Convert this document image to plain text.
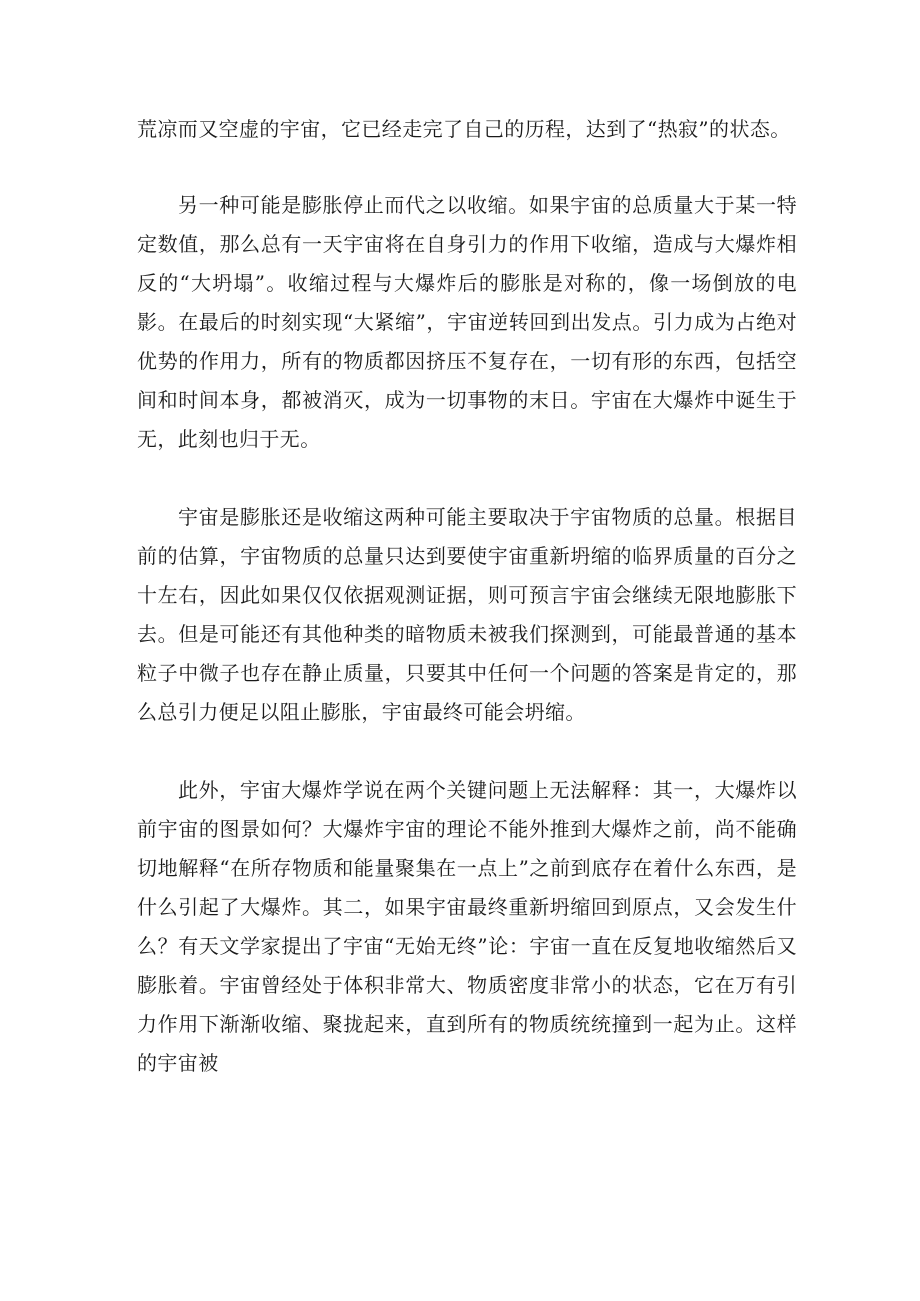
荒凉而又空虚的宇宙，它已经走完了自己的历程，达到了“热寂”的状态。

另一种可能是膨胀停止而代之以收缩。如果宇宙的总质量大于某一特定数值，那么总有一天宇宙将在自身引力的作用下收缩，造成与大爆炸相反的“大坍塌”。收缩过程与大爆炸后的膨胀是对称的，像一场倒放的电影。在最后的时刻实现“大紧缩”，宇宙逆转回到出发点。引力成为占绝对优势的作用力，所有的物质都因挤压不复存在，一切有形的东西，包括空间和时间本身，都被消灭，成为一切事物的末日。宇宙在大爆炸中诞生于无，此刻也归于无。

宇宙是膨胀还是收缩这两种可能主要取决于宇宙物质的总量。根据目前的估算，宇宙物质的总量只达到要使宇宙重新坍缩的临界质量的百分之十左右，因此如果仅仅依据观测证据，则可预言宇宙会继续无限地膨胀下去。但是可能还有其他种类的暗物质未被我们探测到，可能最普通的基本粒子中微子也存在静止质量，只要其中任何一个问题的答案是肯定的，那么总引力便足以阻止膨胀，宇宙最终可能会坍缩。

此外，宇宙大爆炸学说在两个关键问题上无法解释：其一，大爆炸以前宇宙的图景如何？大爆炸宇宙的理论不能外推到大爆炸之前，尚不能确切地解释“在所存物质和能量聚集在一点上”之前到底存在着什么东西，是什么引起了大爆炸。其二，如果宇宙最终重新坍缩回到原点，又会发生什么？有天文学家提出了宇宙“无始无终”论：宇宙一直在反复地收缩然后又膨胀着。宇宙曾经处于体积非常大、物质密度非常小的状态，它在万有引力作用下渐渐收缩、聚拢起来，直到所有的物质统统撞到一起为止。这样的宇宙被
